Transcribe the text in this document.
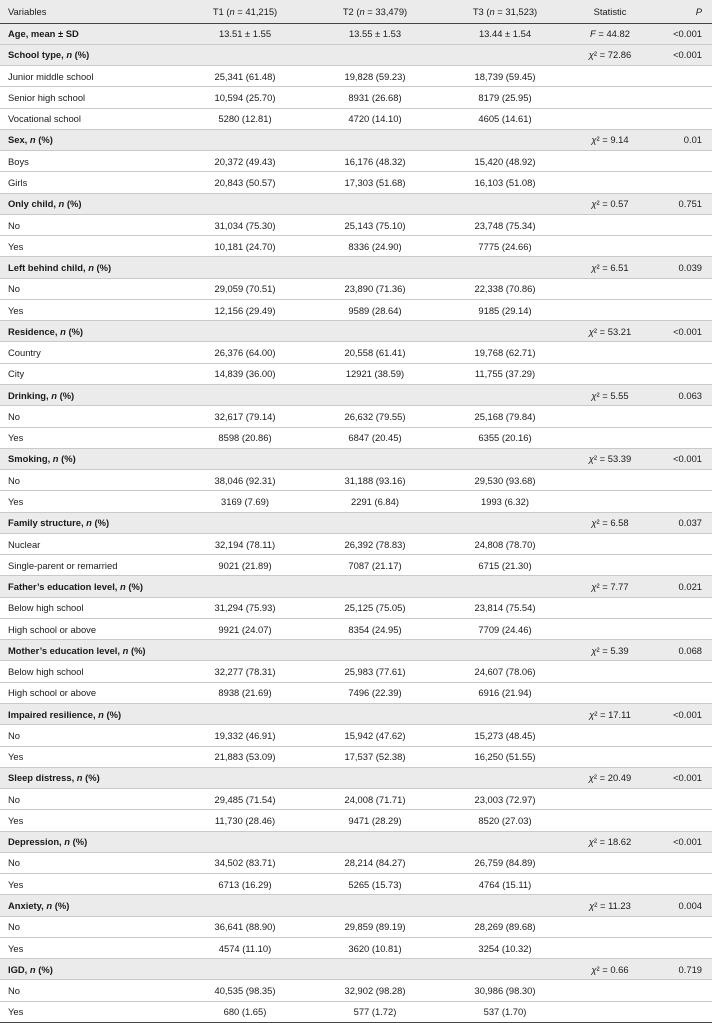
Variables	T1 (n = 41,215)	T2 (n = 33,479)	T3 (n = 31,523)	Statistic	P
Age, mean ± SD	13.51 ± 1.55	13.55 ± 1.53	13.44 ± 1.54	F = 44.82	<0.001
School type, n (%)				χ² = 72.86	<0.001
Junior middle school	25,341 (61.48)	19,828 (59.23)	18,739 (59.45)		
Senior high school	10,594 (25.70)	8931 (26.68)	8179 (25.95)		
Vocational school	5280 (12.81)	4720 (14.10)	4605 (14.61)		
Sex, n (%)				χ² = 9.14	0.01
Boys	20,372 (49.43)	16,176 (48.32)	15,420 (48.92)		
Girls	20,843 (50.57)	17,303 (51.68)	16,103 (51.08)		
Only child, n (%)				χ² = 0.57	0.751
No	31,034 (75.30)	25,143 (75.10)	23,748 (75.34)		
Yes	10,181 (24.70)	8336 (24.90)	7775 (24.66)		
Left behind child, n (%)				χ² = 6.51	0.039
No	29,059 (70.51)	23,890 (71.36)	22,338 (70.86)		
Yes	12,156 (29.49)	9589 (28.64)	9185 (29.14)		
Residence, n (%)				χ² = 53.21	<0.001
Country	26,376 (64.00)	20,558 (61.41)	19,768 (62.71)		
City	14,839 (36.00)	12921 (38.59)	11,755 (37.29)		
Drinking, n (%)				χ² = 5.55	0.063
No	32,617 (79.14)	26,632 (79.55)	25,168 (79.84)		
Yes	8598 (20.86)	6847 (20.45)	6355 (20.16)		
Smoking, n (%)				χ² = 53.39	<0.001
No	38,046 (92.31)	31,188 (93.16)	29,530 (93.68)		
Yes	3169 (7.69)	2291 (6.84)	1993 (6.32)		
Family structure, n (%)				χ² = 6.58	0.037
Nuclear	32,194 (78.11)	26,392 (78.83)	24,808 (78.70)		
Single-parent or remarried	9021 (21.89)	7087 (21.17)	6715 (21.30)		
Father’s education level, n (%)				χ² = 7.77	0.021
Below high school	31,294 (75.93)	25,125 (75.05)	23,814 (75.54)		
High school or above	9921 (24.07)	8354 (24.95)	7709 (24.46)		
Mother’s education level, n (%)				χ² = 5.39	0.068
Below high school	32,277 (78.31)	25,983 (77.61)	24,607 (78.06)		
High school or above	8938 (21.69)	7496 (22.39)	6916 (21.94)		
Impaired resilience, n (%)				χ² = 17.11	<0.001
No	19,332 (46.91)	15,942 (47.62)	15,273 (48.45)		
Yes	21,883 (53.09)	17,537 (52.38)	16,250 (51.55)		
Sleep distress, n (%)				χ² = 20.49	<0.001
No	29,485 (71.54)	24,008 (71.71)	23,003 (72.97)		
Yes	11,730 (28.46)	9471 (28.29)	8520 (27.03)		
Depression, n (%)				χ² = 18.62	<0.001
No	34,502 (83.71)	28,214 (84.27)	26,759 (84.89)		
Yes	6713 (16.29)	5265 (15.73)	4764 (15.11)		
Anxiety, n (%)				χ² = 11.23	0.004
No	36,641 (88.90)	29,859 (89.19)	28,269 (89.68)		
Yes	4574 (11.10)	3620 (10.81)	3254 (10.32)		
IGD, n (%)				χ² = 0.66	0.719
No	40,535 (98.35)	32,902 (98.28)	30,986 (98.30)		
Yes	680 (1.65)	577 (1.72)	537 (1.70)		
